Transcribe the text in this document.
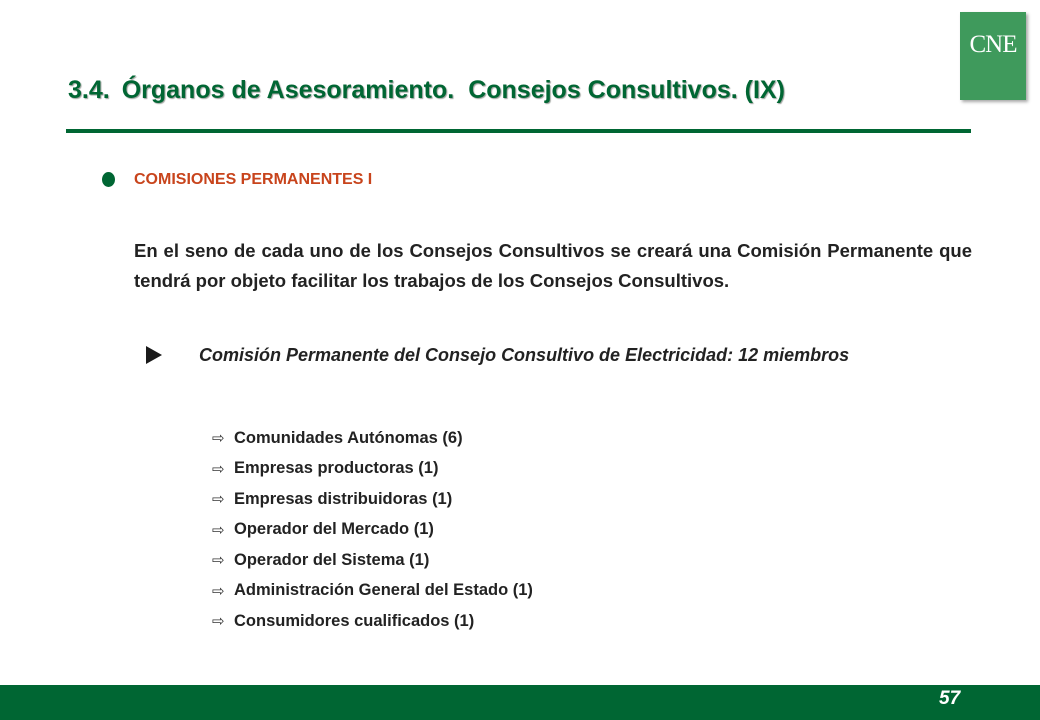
CNE
3.4. Órganos de Asesoramiento. Consejos Consultivos. (IX)
COMISIONES PERMANENTES I

En el seno de cada uno de los Consejos Consultivos se creará una Comisión Permanente que tendrá por objeto facilitar los trabajos de los Consejos Consultivos.

Comisión Permanente del Consejo Consultivo de Electricidad: 12 miembros

⇨ Comunidades Autónomas (6)
⇨ Empresas productoras (1)
⇨ Empresas distribuidoras (1)
⇨ Operador del Mercado (1)
⇨ Operador del Sistema (1)
⇨ Administración General del Estado (1)
⇨ Consumidores cualificados (1)
57
